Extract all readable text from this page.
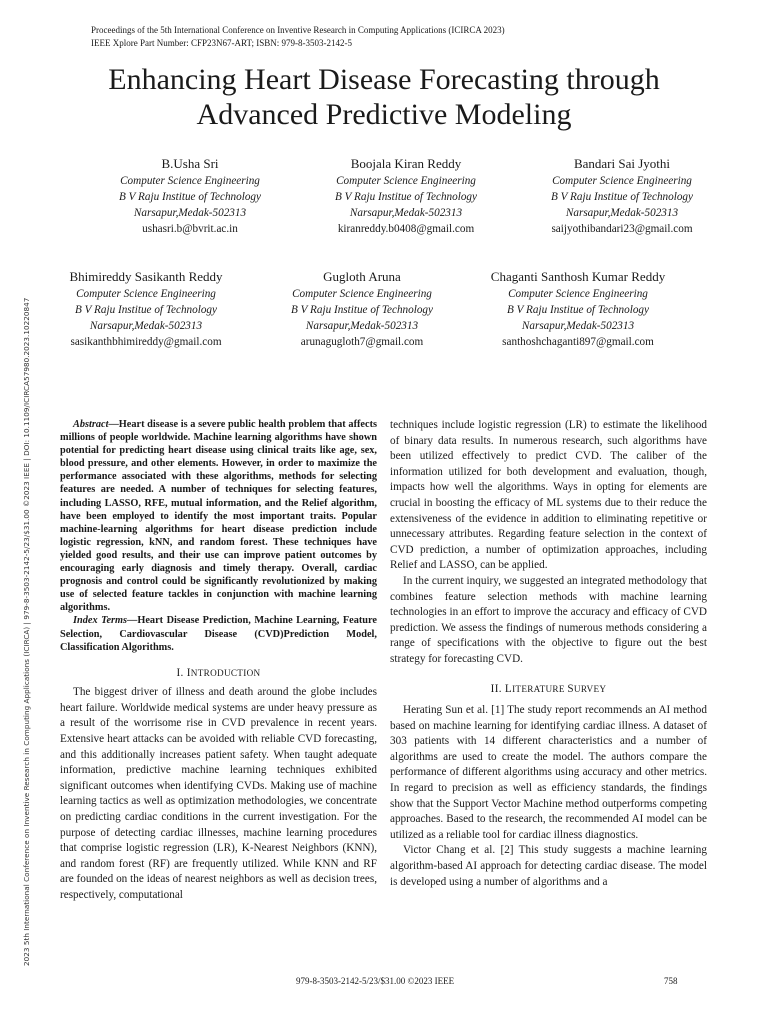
2023 5th International Conference on Inventive Research in Computing Applications (ICIRCA) | 979-8-3503-2142-5/23/$31.00 ©2023 IEEE | DOI: 10.1109/ICIRCA57980.2023.10220847
Proceedings of the 5th International Conference on Inventive Research in Computing Applications (ICIRCA 2023)
IEEE Xplore Part Number: CFP23N67-ART; ISBN: 979-8-3503-2142-5
Enhancing Heart Disease Forecasting through
Advanced Predictive Modeling
B.Usha Sri
Computer Science Engineering
B V Raju Institue of Technology
Narsapur,Medak-502313
ushasri.b@bvrit.ac.in
Boojala Kiran Reddy
Computer Science Engineering
B V Raju Institue of Technology
Narsapur,Medak-502313
kiranreddy.b0408@gmail.com
Bandari Sai Jyothi
Computer Science Engineering
B V Raju Institue of Technology
Narsapur,Medak-502313
saijyothibandari23@gmail.com
Bhimireddy Sasikanth Reddy
Computer Science Engineering
B V Raju Institue of Technology
Narsapur,Medak-502313
sasikanthbhimireddy@gmail.com
Gugloth Aruna
Computer Science Engineering
B V Raju Institue of Technology
Narsapur,Medak-502313
arunagugloth7@gmail.com
Chaganti Santhosh Kumar Reddy
Computer Science Engineering
B V Raju Institue of Technology
Narsapur,Medak-502313
santhoshchaganti897@gmail.com

Abstract—Heart disease is a severe public health problem that affects millions of people worldwide. Machine learning algorithms have shown potential for predicting heart disease using clinical traits like age, sex, blood pressure, and other elements. However, in order to maximize the performance associated with these algorithms, methods for selecting features are needed. A number of techniques for selecting features, including LASSO, RFE, mutual information, and the Relief algorithm, have been employed to identify the most important traits. Popular machine-learning algorithms for heart disease prediction include logistic regression, kNN, and random forest. These techniques have yielded good results, and their use can improve patient outcomes by encouraging early diagnosis and timely therapy. Overall, cardiac prognosis and control could be significantly revolutionized by making use of selected feature tackles in conjunction with machine learning algorithms.

Index Terms—Heart Disease Prediction, Machine Learning, Feature Selection, Cardiovascular Disease (CVD)Prediction Model, Classification Algorithms.

I. INTRODUCTION

The biggest driver of illness and death around the globe includes heart failure. Worldwide medical systems are under heavy pressure as a result of the worrisome rise in CVD prevalence in recent years. Extensive heart attacks can be avoided with reliable CVD forecasting, and this additionally increases patient safety. When taught adequate information, predictive machine learning techniques exhibited significant outcomes when identifying CVDs. Making use of machine learning tactics as well as optimization methodologies, we concentrate on predicting cardiac conditions in the current investigation. For the purpose of detecting cardiac illnesses, machine learning procedures that comprise logistic regression (LR), K-Nearest Neighbors (KNN), and random forest (RF) are frequently utilized. While KNN and RF are founded on the ideas of nearest neighbors as well as decision trees, respectively, computational

techniques include logistic regression (LR) to estimate the likelihood of binary data results. In numerous research, such algorithms have been utilized effectively to predict CVD. The caliber of the information utilized for both development and evaluation, though, impacts how well the algorithms. Ways in opting for elements are crucial in boosting the efficacy of ML systems due to their reduce the extensiveness of the evidence in addition to eliminating repetitive or unnecessary attributes. Regarding feature selection in the context of CVD prediction, a number of optimization approaches, including Relief and LASSO, can be applied.

In the current inquiry, we suggested an integrated methodology that combines feature selection methods with machine learning technologies in an effort to improve the accuracy and efficacy of CVD prediction. We assess the findings of numerous methods considering a range of specifications with the objective to figure out the best strategy for forecasting CVD.

II. LITERATURE SURVEY

Herating Sun et al. [1] The study report recommends an AI method based on machine learning for identifying cardiac illness. A dataset of 303 patients with 14 different characteristics and a number of algorithms are used to create the model. The authors compare the performance of different algorithms using accuracy and other metrics. In regard to precision as well as efficiency standards, the findings show that the Support Vector Machine method outperforms competing approaches. Based to the research, the recommended AI model can be utilized as a reliable tool for cardiac illness diagnostics.

Victor Chang et al. [2] This study suggests a machine learning algorithm-based AI approach for detecting cardiac disease. The model is developed using a number of algorithms and a

979-8-3503-2142-5/23/$31.00 ©2023 IEEE	758
